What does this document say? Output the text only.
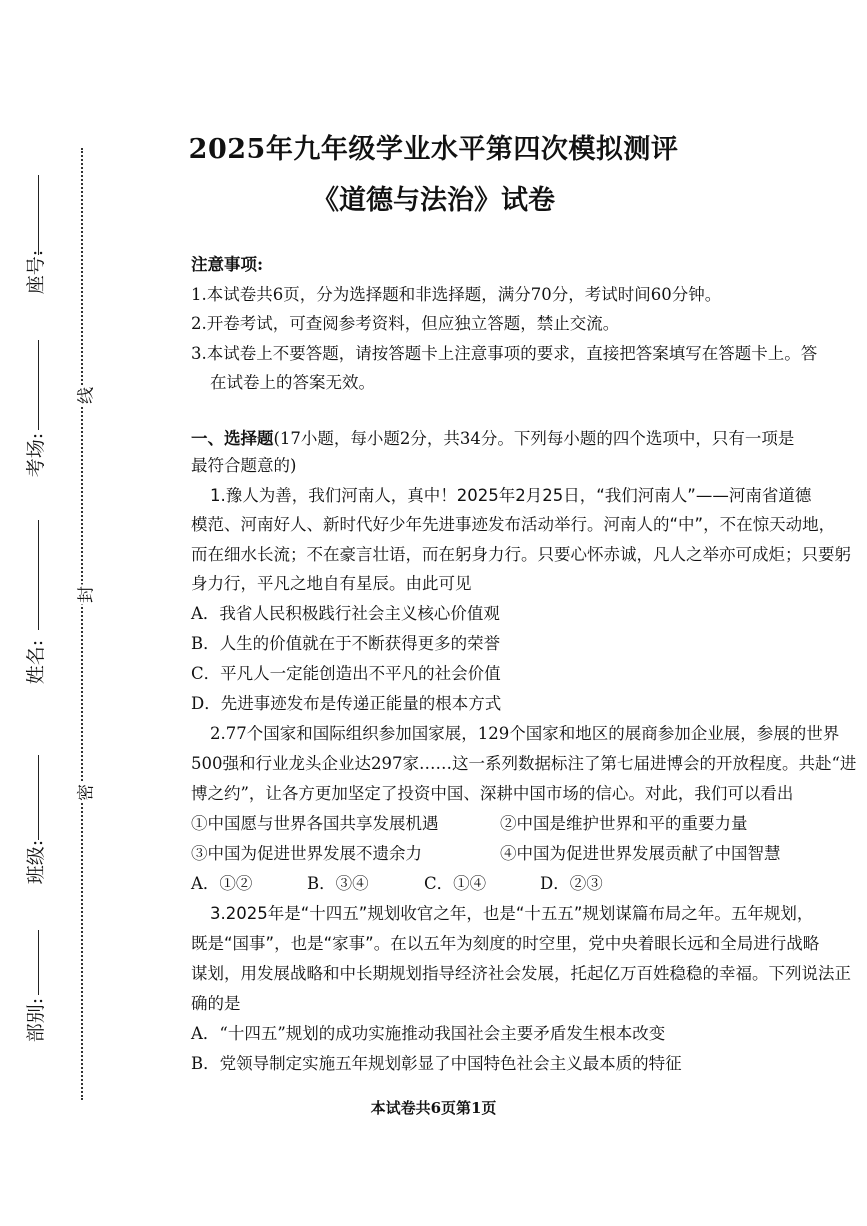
座号:
考场:
姓名:
班级:
部别:
线
封
密
2025年九年级学业水平第四次模拟测评
《道德与法治》试卷
注意事项:
1.本试卷共6页，分为选择题和非选择题，满分70分，考试时间60分钟。
2.开卷考试，可查阅参考资料，但应独立答题，禁止交流。
3.本试卷上不要答题，请按答题卡上注意事项的要求，直接把答案填写在答题卡上。答
在试卷上的答案无效。
一、选择题(17小题，每小题2分，共34分。下列每小题的四个选项中，只有一项是
最符合题意的)
1.豫人为善，我们河南人，真中！2025年2月25日，“我们河南人”——河南省道德
模范、河南好人、新时代好少年先进事迹发布活动举行。河南人的“中”，不在惊天动地，
而在细水长流；不在豪言壮语，而在躬身力行。只要心怀赤诚，凡人之举亦可成炬；只要躬
身力行，平凡之地自有星辰。由此可见
A．我省人民积极践行社会主义核心价值观
B．人生的价值就在于不断获得更多的荣誉
C．平凡人一定能创造出不平凡的社会价值
D．先进事迹发布是传递正能量的根本方式
2.77个国家和国际组织参加国家展，129个国家和地区的展商参加企业展，参展的世界
500强和行业龙头企业达297家……这一系列数据标注了第七届进博会的开放程度。共赴“进
博之约”，让各方更加坚定了投资中国、深耕中国市场的信心。对此，我们可以看出
①中国愿与世界各国共享发展机遇	②中国是维护世界和平的重要力量
③中国为促进世界发展不遗余力	④中国为促进世界发展贡献了中国智慧
A．①②	B．③④	C．①④	D．②③
3.2025年是“十四五”规划收官之年，也是“十五五”规划谋篇布局之年。五年规划，
既是“国事”，也是“家事”。在以五年为刻度的时空里，党中央着眼长远和全局进行战略
谋划，用发展战略和中长期规划指导经济社会发展，托起亿万百姓稳稳的幸福。下列说法正
确的是
A．“十四五”规划的成功实施推动我国社会主要矛盾发生根本改变
B．党领导制定实施五年规划彰显了中国特色社会主义最本质的特征
本试卷共6页第1页
